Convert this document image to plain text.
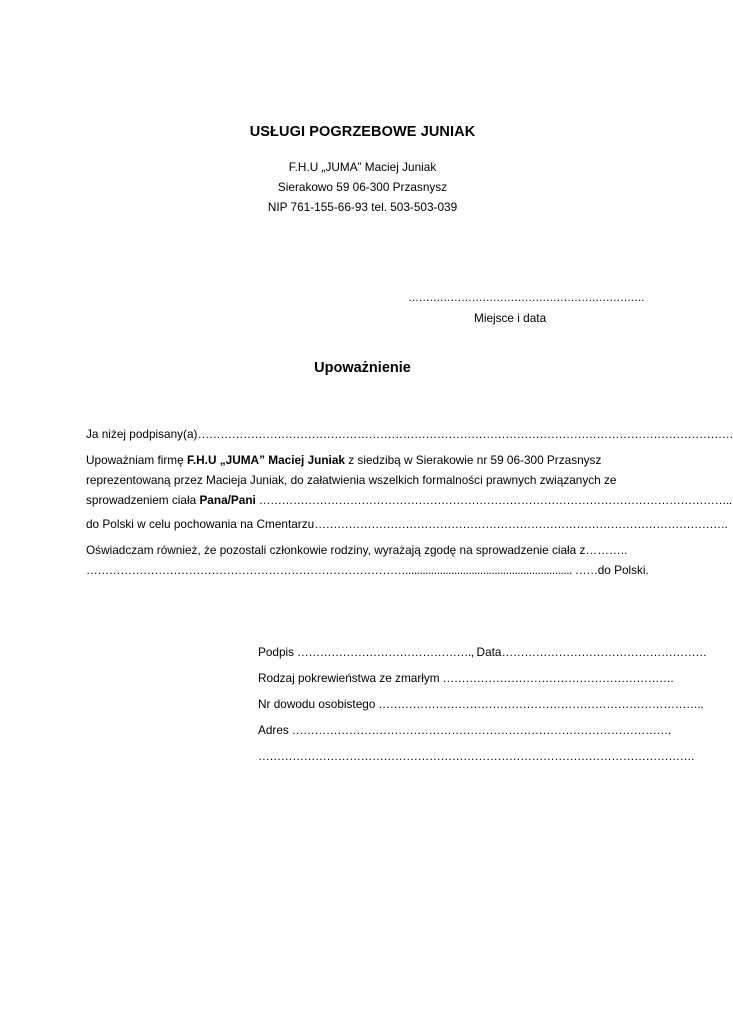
USŁUGI POGRZEBOWE JUNIAK
F.H.U „JUMA” Maciej Juniak
Sierakowo 59 06-300 Przasnysz
NIP 761-155-66-93 tel. 503-503-039
………………………………………………………….
Miejsce i data
Upoważnienie
Ja niżej podpisany(a)……………………………………………………………………………………………………………………………
Upoważniam firmę F.H.U „JUMA” Maciej Juniak z siedzibą w Sierakowie nr 59 06-300 Przasnysz
reprezentowaną przez Macieja Juniak, do załatwienia wszelkich formalności prawnych związanych ze
sprowadzeniem ciała Pana/Pani ……………………………………………………………………………………………………………..
do Polski w celu pochowania na Cmentarzu……………………………………………………………………………………………….
Oświadczam również, że pozostali członkowie rodziny, wyrażają zgodę na sprowadzenie ciała z………..
………………………………………………………………………….......................................................... ……do Polski.
Podpis ………………………………………., Data………………………………………………
Rodzaj pokrewieństwa ze zmarłym …………………………………………………….
Nr dowodu osobistego …………………………………………………………………………..
Adres ……………………………………………………………………………………….
…………………………………………………………………………………………………….
